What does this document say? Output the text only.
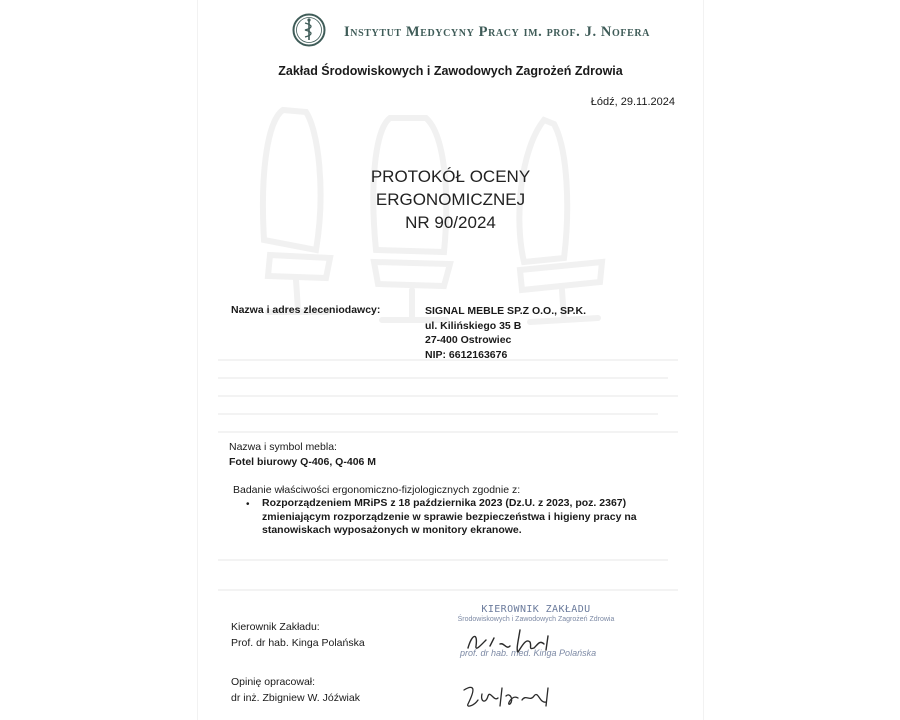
Instytut Medycyny Pracy im. prof. J. Nofera
Zakład Środowiskowych i Zawodowych Zagrożeń Zdrowia
Łódź, 29.11.2024
PROTOKÓŁ OCENY
ERGONOMICZNEJ
NR 90/2024
Nazwa i adres zleceniodawcy:	SIGNAL MEBLE SP.Z O.O., SP.K.
ul. Kilińskiego 35 B
27-400 Ostrowiec
NIP: 6612163676
Nazwa i symbol mebla:
Fotel biurowy Q-406, Q-406 M
Badanie właściwości ergonomiczno-fizjologicznych zgodnie z:
• Rozporządzeniem MRiPS z 18 października 2023 (Dz.U. z 2023, poz. 2367) zmieniającym rozporządzenie w sprawie bezpieczeństwa i higieny pracy na stanowiskach wyposażonych w monitory ekranowe.
Kierownik Zakładu:
Prof. dr hab. Kinga Polańska
Opinię opracował:
dr inż. Zbigniew W. Jóźwiak
KIEROWNIK ZAKŁADU
Środowiskowych i Zawodowych Zagrożeń Zdrowia
prof. dr hab. med. Kinga Polańska
